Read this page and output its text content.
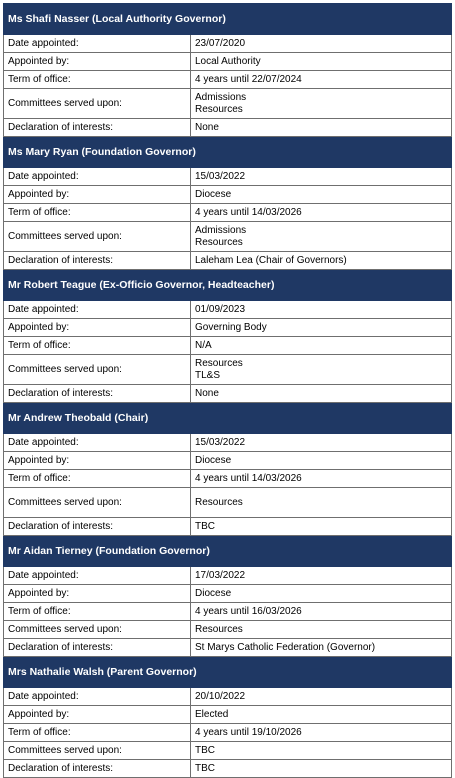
Ms Shafi Nasser (Local Authority Governor)	
Date appointed:	23/07/2020
Appointed by:	Local Authority
Term of office:	4 years until 22/07/2024
Committees served upon:	Admissions
Resources

Declaration of interests:	None
Ms Mary Ryan (Foundation Governor)	
Date appointed:	15/03/2022
Appointed by:	Diocese
Term of office:	4 years until 14/03/2026
Committees served upon:	Admissions
Resources

Declaration of interests:	Laleham Lea (Chair of Governors)
Mr Robert Teague (Ex-Officio Governor, Headteacher)	
Date appointed:	01/09/2023
Appointed by:	Governing Body
Term of office:	N/A
Committees served upon:	Resources
TL&S

Declaration of interests:	None
Mr Andrew Theobald (Chair)	
Date appointed:	15/03/2022
Appointed by:	Diocese
Term of office:	4 years until 14/03/2026
Committees served upon:	Resources

Declaration of interests:	TBC
Mr Aidan Tierney (Foundation Governor)	
Date appointed:	17/03/2022
Appointed by:	Diocese
Term of office:	4 years until 16/03/2026
Committees served upon:	Resources

Declaration of interests:	St Marys Catholic Federation (Governor)
Mrs Nathalie Walsh (Parent Governor)	
Date appointed:	20/10/2022
Appointed by:	Elected
Term of office:	4 years until 19/10/2026
Committees served upon:	TBC

Declaration of interests:	TBC
